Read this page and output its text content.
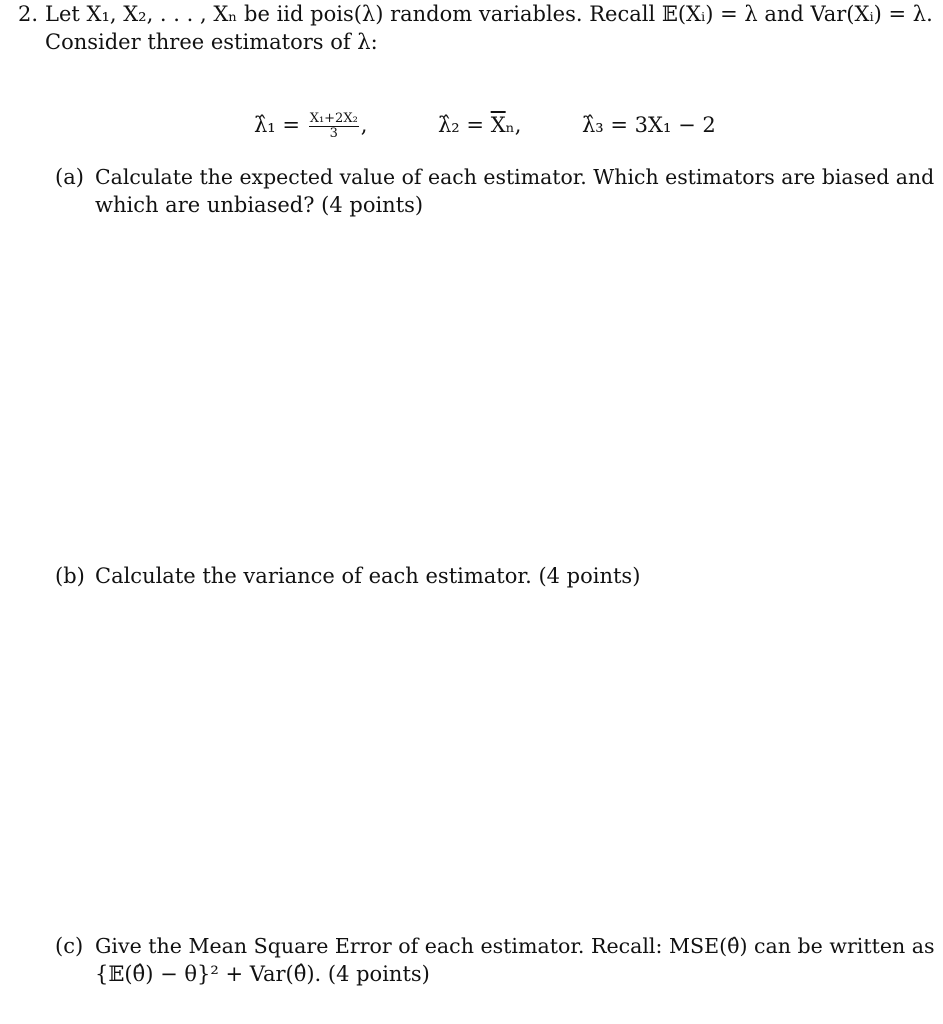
2. Let X₁, X₂, . . . , Xₙ be iid pois(λ) random variables. Recall 𝔼(Xᵢ) = λ and Var(Xᵢ) = λ.
Consider three estimators of λ:
λ̂₁ = $\frac{\text{X₁+2X₂}}{3}$ ,	λ̂₂ = $\overline{X}_n$,	λ̂₃ = 3X₁ − 2
(a) Calculate the expected value of each estimator. Which estimators are biased and
which are unbiased? (4 points)
(b) Calculate the variance of each estimator. (4 points)
(c) Give the Mean Square Error of each estimator. Recall: MSE(θ̂) can be written as
{𝔼(θ̂) − θ}² + Var(θ̂). (4 points)
